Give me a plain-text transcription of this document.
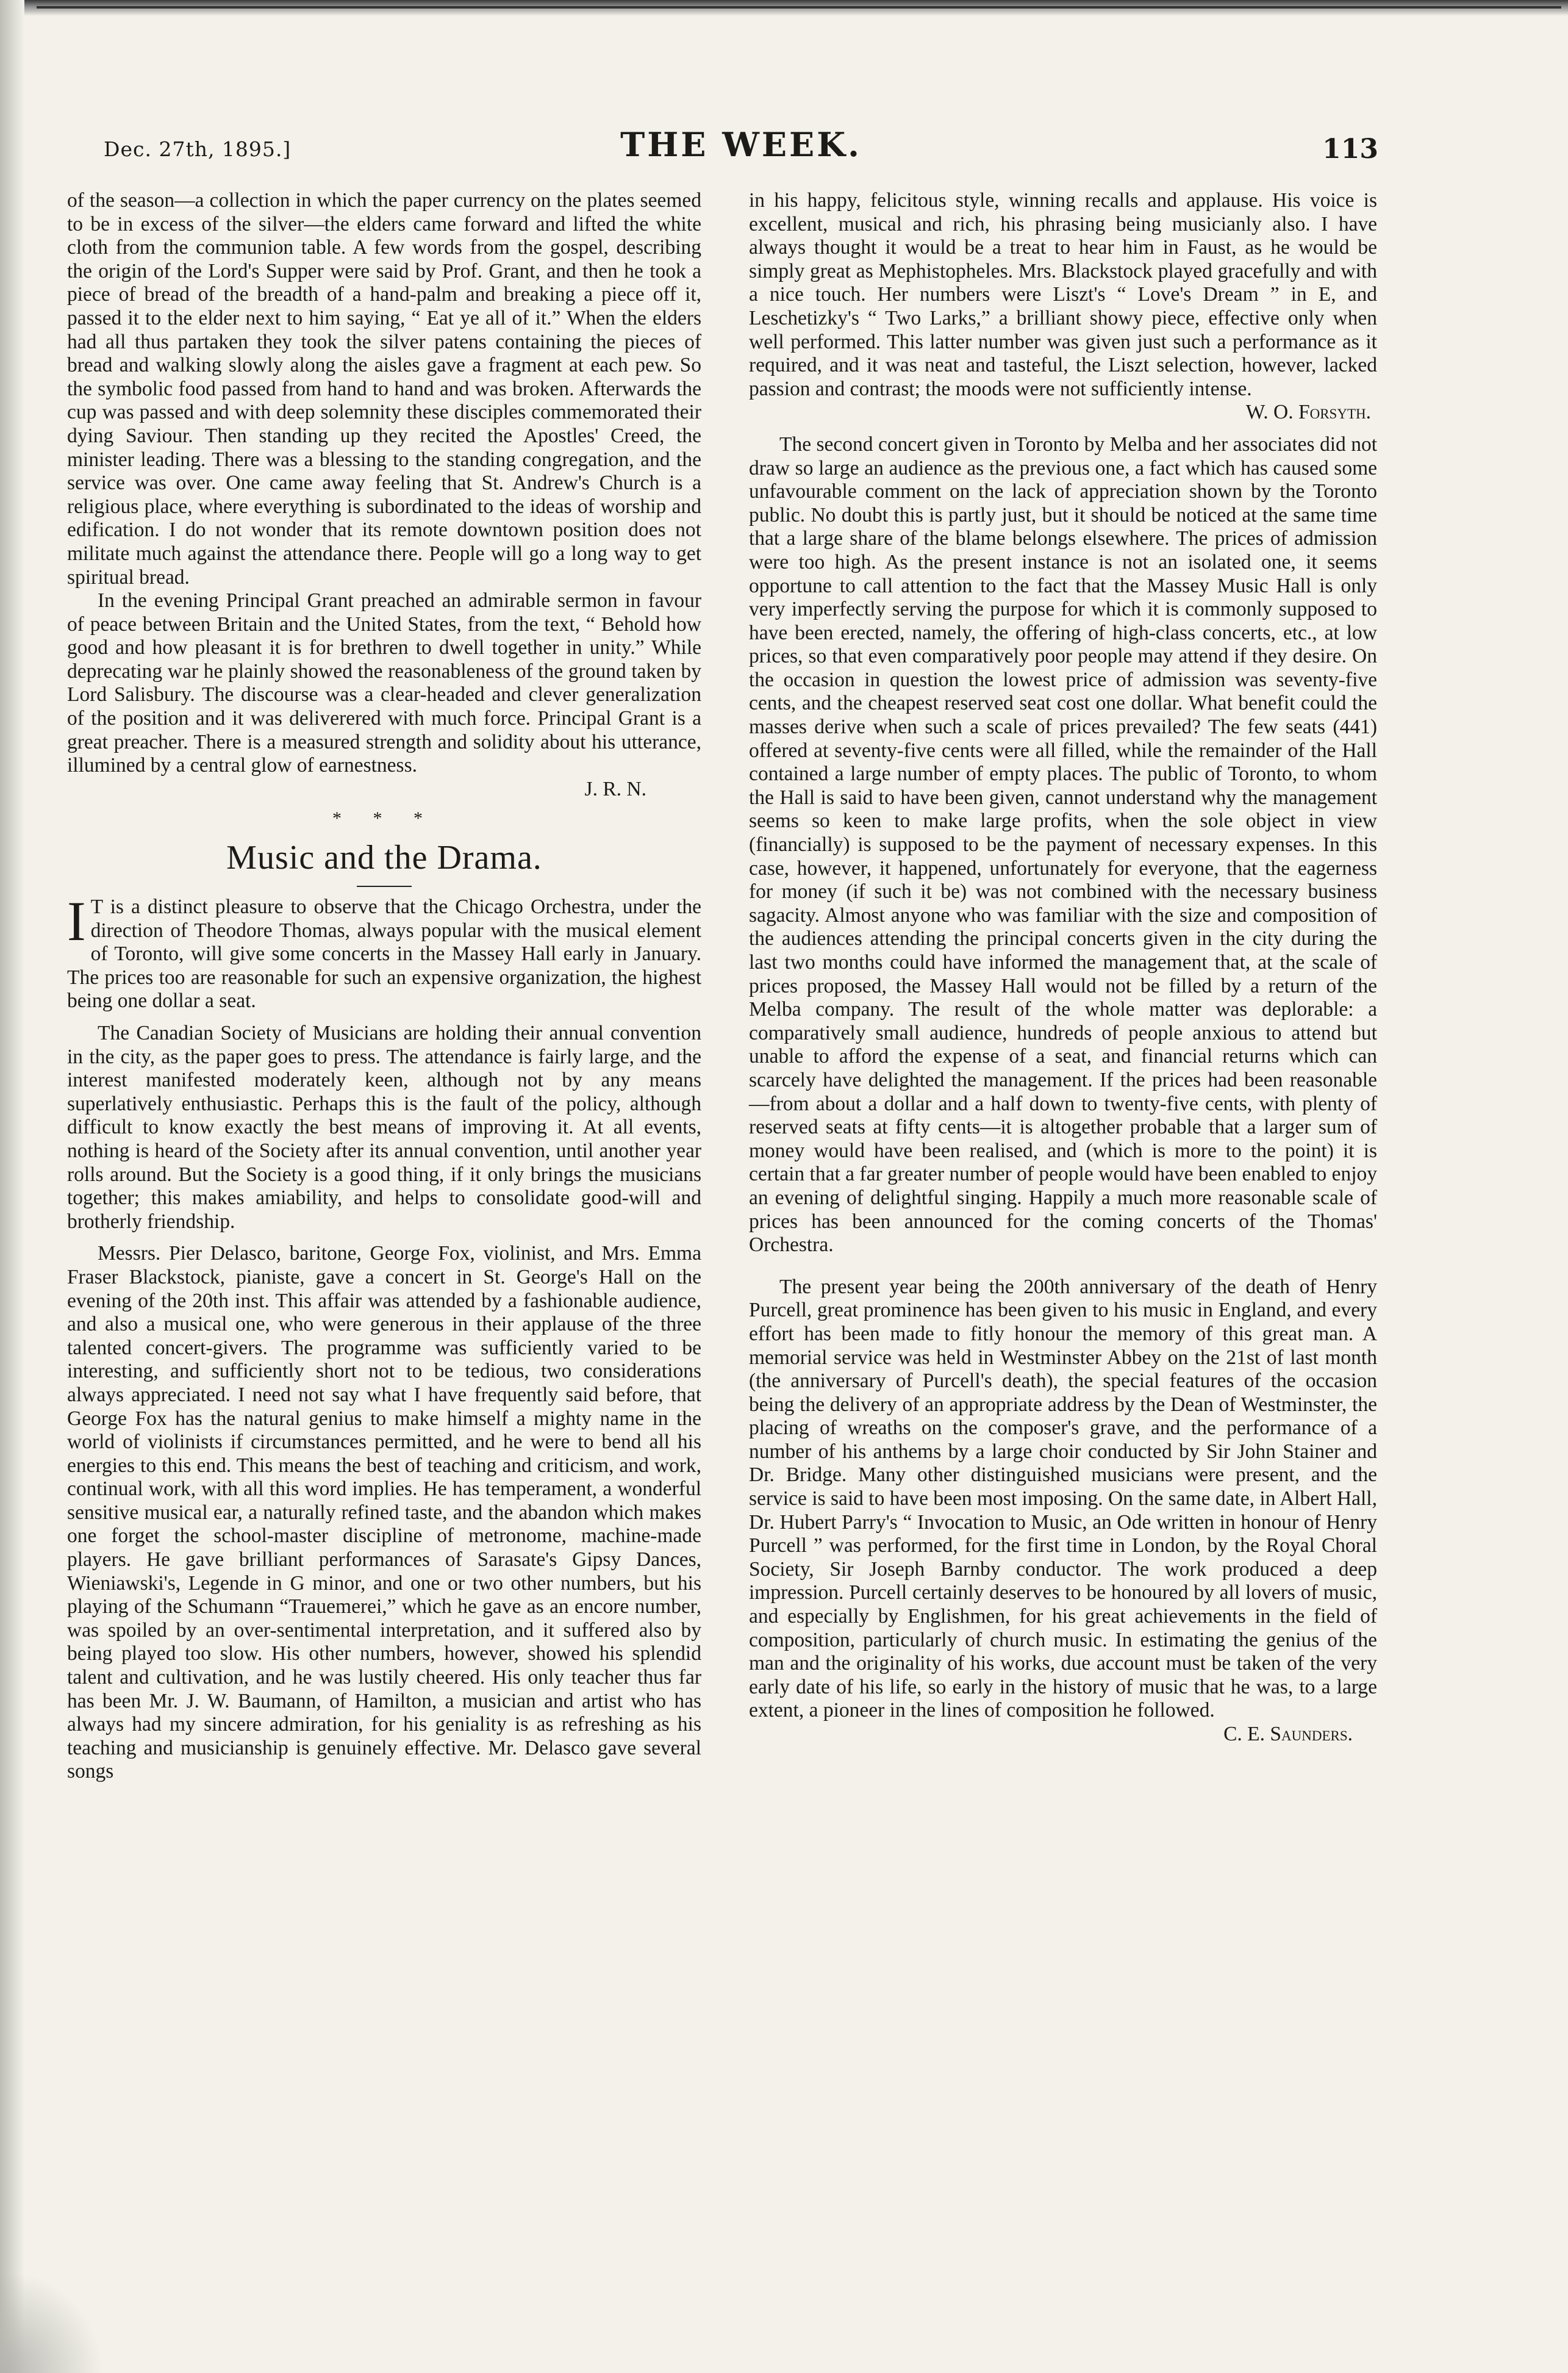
Dec. 27th, 1895.]	THE WEEK.	113

of the season—a collection in which the paper currency on the plates seemed to be in excess of the silver—the elders came forward and lifted the white cloth from the communion table. A few words from the gospel, describing the origin of the Lord's Supper were said by Prof. Grant, and then he took a piece of bread of the breadth of a hand-palm and breaking a piece off it, passed it to the elder next to him saying, “ Eat ye all of it.” When the elders had all thus partaken they took the silver patens containing the pieces of bread and walking slowly along the aisles gave a fragment at each pew. So the symbolic food passed from hand to hand and was broken. Afterwards the cup was passed and with deep solemnity these disciples commemorated their dying Saviour. Then standing up they recited the Apostles' Creed, the minister leading. There was a blessing to the standing congregation, and the service was over. One came away feeling that St. Andrew's Church is a religious place, where everything is subordinated to the ideas of worship and edification. I do not wonder that its remote downtown position does not militate much against the attendance there. People will go a long way to get spiritual bread.

In the evening Principal Grant preached an admirable sermon in favour of peace between Britain and the United States, from the text, “ Behold how good and how pleasant it is for brethren to dwell together in unity.” While deprecating war he plainly showed the reasonableness of the ground taken by Lord Salisbury. The discourse was a clear-headed and clever generalization of the position and it was deliverered with much force. Principal Grant is a great preacher. There is a measured strength and solidity about his utterance, illumined by a central glow of earnestness.

J. R. N.

* * *
Music and the Drama.

I T is a distinct pleasure to observe that the Chicago Orchestra, under the direction of Theodore Thomas, always popular with the musical element of Toronto, will give some concerts in the Massey Hall early in January. The prices too are reasonable for such an expensive organization, the highest being one dollar a seat.

The Canadian Society of Musicians are holding their annual convention in the city, as the paper goes to press. The attendance is fairly large, and the interest manifested moderately keen, although not by any means superlatively enthusiastic. Perhaps this is the fault of the policy, although difficult to know exactly the best means of improving it. At all events, nothing is heard of the Society after its annual convention, until another year rolls around. But the Society is a good thing, if it only brings the musicians together; this makes amiability, and helps to consolidate good-will and brotherly friendship.

Messrs. Pier Delasco, baritone, George Fox, violinist, and Mrs. Emma Fraser Blackstock, pianiste, gave a concert in St. George's Hall on the evening of the 20th inst. This affair was attended by a fashionable audience, and also a musical one, who were generous in their applause of the three talented concert-givers. The programme was sufficiently varied to be interesting, and sufficiently short not to be tedious, two considerations always appreciated. I need not say what I have frequently said before, that George Fox has the natural genius to make himself a mighty name in the world of violinists if circumstances permitted, and he were to bend all his energies to this end. This means the best of teaching and criticism, and work, continual work, with all this word implies. He has temperament, a wonderful sensitive musical ear, a naturally refined taste, and the abandon which makes one forget the school-master discipline of metronome, machine-made players. He gave brilliant performances of Sarasate's Gipsy Dances, Wieniawski's, Legende in G minor, and one or two other numbers, but his playing of the Schumann “Trauemerei,” which he gave as an encore number, was spoiled by an over-sentimental interpretation, and it suffered also by being played too slow. His other numbers, however, showed his splendid talent and cultivation, and he was lustily cheered. His only teacher thus far has been Mr. J. W. Baumann, of Hamilton, a musician and artist who has always had my sincere admiration, for his geniality is as refreshing as his teaching and musicianship is genuinely effective. Mr. Delasco gave several songs

in his happy, felicitous style, winning recalls and applause. His voice is excellent, musical and rich, his phrasing being musicianly also. I have always thought it would be a treat to hear him in Faust, as he would be simply great as Mephistopheles. Mrs. Blackstock played gracefully and with a nice touch. Her numbers were Liszt's “ Love's Dream ” in E, and Leschetizky's “ Two Larks,” a brilliant showy piece, effective only when well performed. This latter number was given just such a performance as it required, and it was neat and tasteful, the Liszt selection, however, lacked passion and contrast; the moods were not sufficiently intense.

W. O. Forsyth.

The second concert given in Toronto by Melba and her associates did not draw so large an audience as the previous one, a fact which has caused some unfavourable comment on the lack of appreciation shown by the Toronto public. No doubt this is partly just, but it should be noticed at the same time that a large share of the blame belongs elsewhere. The prices of admission were too high. As the present instance is not an isolated one, it seems opportune to call attention to the fact that the Massey Music Hall is only very imperfectly serving the purpose for which it is commonly supposed to have been erected, namely, the offering of high-class concerts, etc., at low prices, so that even comparatively poor people may attend if they desire. On the occasion in question the lowest price of admission was seventy-five cents, and the cheapest reserved seat cost one dollar. What benefit could the masses derive when such a scale of prices prevailed? The few seats (441) offered at seventy-five cents were all filled, while the remainder of the Hall contained a large number of empty places. The public of Toronto, to whom the Hall is said to have been given, cannot understand why the management seems so keen to make large profits, when the sole object in view (financially) is supposed to be the payment of necessary expenses. In this case, however, it happened, unfortunately for everyone, that the eagerness for money (if such it be) was not combined with the necessary business sagacity. Almost anyone who was familiar with the size and composition of the audiences attending the principal concerts given in the city during the last two months could have informed the management that, at the scale of prices proposed, the Massey Hall would not be filled by a return of the Melba company. The result of the whole matter was deplorable: a comparatively small audience, hundreds of people anxious to attend but unable to afford the expense of a seat, and financial returns which can scarcely have delighted the management. If the prices had been reasonable—from about a dollar and a half down to twenty-five cents, with plenty of reserved seats at fifty cents—it is altogether probable that a larger sum of money would have been realised, and (which is more to the point) it is certain that a far greater number of people would have been enabled to enjoy an evening of delightful singing. Happily a much more reasonable scale of prices has been announced for the coming concerts of the Thomas' Orchestra.

The present year being the 200th anniversary of the death of Henry Purcell, great prominence has been given to his music in England, and every effort has been made to fitly honour the memory of this great man. A memorial service was held in Westminster Abbey on the 21st of last month (the anniversary of Purcell's death), the special features of the occasion being the delivery of an appropriate address by the Dean of Westminster, the placing of wreaths on the composer's grave, and the performance of a number of his anthems by a large choir conducted by Sir John Stainer and Dr. Bridge. Many other distinguished musicians were present, and the service is said to have been most imposing. On the same date, in Albert Hall, Dr. Hubert Parry's “ Invocation to Music, an Ode written in honour of Henry Purcell ” was performed, for the first time in London, by the Royal Choral Society, Sir Joseph Barnby conductor. The work produced a deep impression. Purcell certainly deserves to be honoured by all lovers of music, and especially by Englishmen, for his great achievements in the field of composition, particularly of church music. In estimating the genius of the man and the originality of his works, due account must be taken of the very early date of his life, so early in the history of music that he was, to a large extent, a pioneer in the lines of composition he followed.

C. E. Saunders.
